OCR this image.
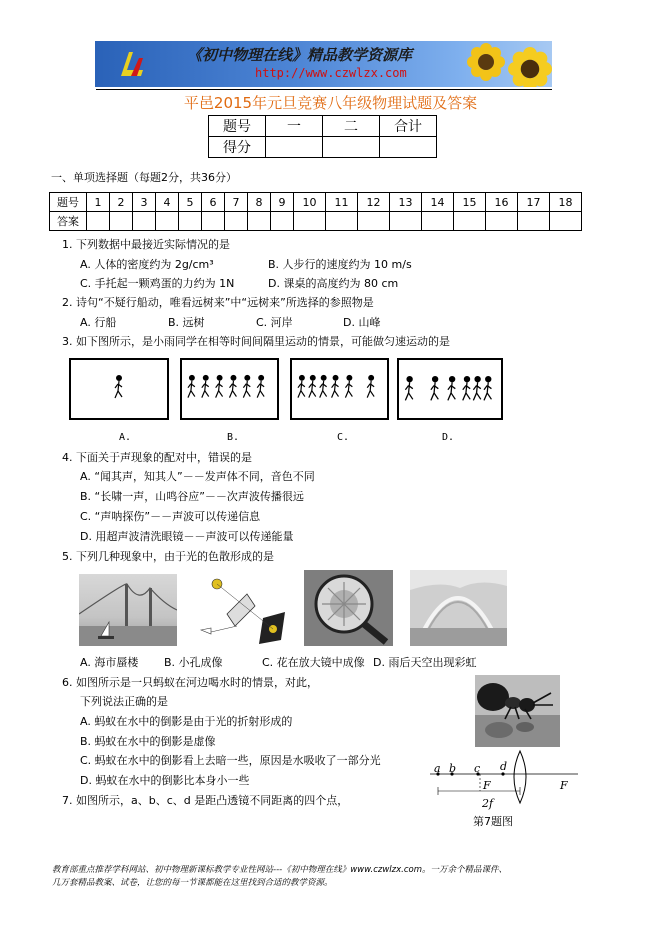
《初中物理在线》精品教学资源库
http://www.czwlzx.com
平邑2015年元旦竞赛八年级物理试题及答案
题号	一	二	合计
得分			
一、单项选择题（每题2分，共36分）
题号	1	2	3	4	5	6	7	8	9	10	11	12	13	14	15	16	17	18
答案																		
1. 下列数据中最接近实际情况的是
A. 人体的密度约为 2g/cm³	B. 人步行的速度约为 10 m/s
C. 手托起一颗鸡蛋的力约为 1N	D. 课桌的高度约为 80 cm
2. 诗句“不疑行船动，唯看远树来”中“远树来”所选择的参照物是
A. 行船	B. 远树	C. 河岸	D. 山峰
3. 如下图所示，是小雨同学在相等时间间隔里运动的情景，可能做匀速运动的是
A.	B.	C.	D.
4. 下面关于声现象的配对中，错误的是
A. “闻其声，知其人”－－发声体不同，音色不同
B. “长啸一声，山鸣谷应”－－次声波传播很远
C. “声呐探伤”－－声波可以传递信息
D. 用超声波清洗眼镜－－声波可以传递能量
5. 下列几种现象中，由于光的色散形成的是
A. 海市蜃楼 B. 小孔成像	C. 花在放大镜中成像 D. 雨后天空出现彩虹
6. 如图所示是一只蚂蚁在河边喝水时的情景，对此，
下列说法正确的是
A. 蚂蚁在水中的倒影是由于光的折射形成的
B. 蚂蚁在水中的倒影是虚像
C. 蚂蚁在水中的倒影看上去暗一些，原因是水吸收了一部分光
D. 蚂蚁在水中的倒影比本身小一些
7. 如图所示，a、b、c、d 是距凸透镜不同距离的四个点，
a b c d
F	F
2f
第7题图
教育部重点推荐学科网站、初中物理新课标教学专业性网站---《初中物理在线》www.czwlzx.com。一万余个精品课件、
几万套精品教案、试卷，让您的每一节课都能在这里找到合适的教学资源。
